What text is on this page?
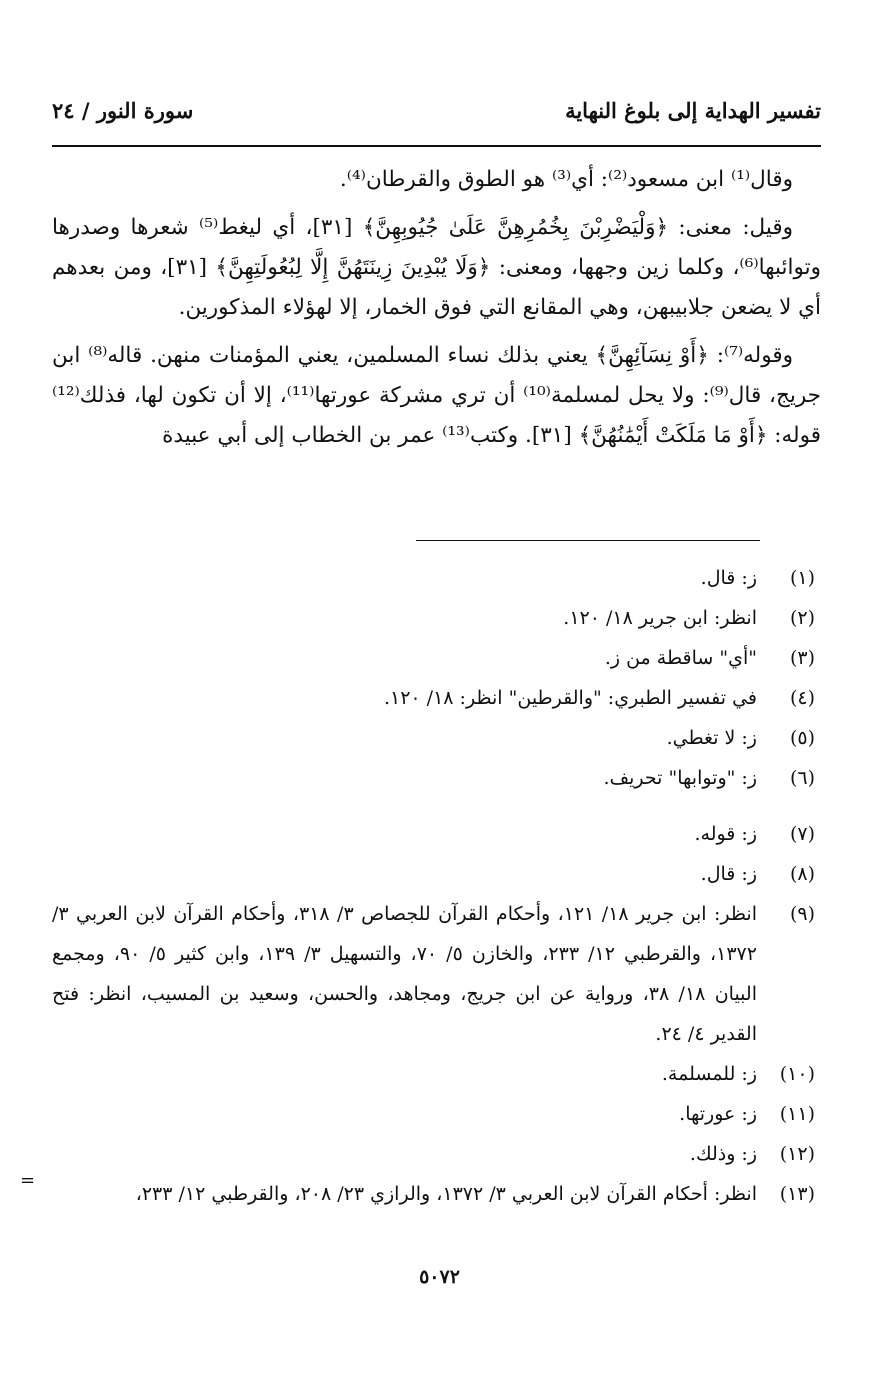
تفسير الهداية إلى بلوغ النهاية
سورة النور / ٢٤

وقال⁽¹⁾ ابن مسعود⁽²⁾: أي⁽³⁾ هو الطوق والقرطان⁽⁴⁾.

وقيل: معنى: ﴿وَلْيَضْرِبْنَ بِخُمُرِهِنَّ عَلَىٰ جُيُوبِهِنَّ﴾ [٣١]، أي ليغط⁽⁵⁾ شعرها وصدرها وتوائبها⁽⁶⁾، وكلما زين وجهها، ومعنى: ﴿وَلَا يُبْدِينَ زِينَتَهُنَّ إِلَّا لِبُعُولَتِهِنَّ﴾ [٣١]، ومن بعدهم أي لا يضعن جلابيبهن، وهي المقانع التي فوق الخمار، إلا لهؤلاء المذكورين.

وقوله⁽⁷⁾: ﴿أَوْ نِسَآئِهِنَّ﴾ يعني بذلك نساء المسلمين، يعني المؤمنات منهن. قاله⁽⁸⁾ ابن جريج، قال⁽⁹⁾: ولا يحل لمسلمة⁽¹⁰⁾ أن تري مشركة عورتها⁽¹¹⁾، إلا أن تكون لها، فذلك⁽¹²⁾ قوله: ﴿أَوْ مَا مَلَكَتْ أَيْمَٰنُهُنَّ﴾ [٣١]. وكتب⁽¹³⁾ عمر بن الخطاب إلى أبي عبيدة

(١)
ز: قال.
(٢)
انظر: ابن جرير ١٨/ ١٢٠.
(٣)
"أي" ساقطة من ز.
(٤)
في تفسير الطبري: "والقرطين" انظر: ١٨/ ١٢٠.
(٥)
ز: لا تغطي.
(٦)
ز: "وتوابها" تحريف.
(٧)
ز: قوله.
(٨)
ز: قال.
(٩)
انظر: ابن جرير ١٨/ ١٢١، وأحكام القرآن للجصاص ٣/ ٣١٨، وأحكام القرآن لابن العربي ٣/ ١٣٧٢، والقرطبي ١٢/ ٢٣٣، والخازن ٥/ ٧٠، والتسهيل ٣/ ١٣٩، وابن كثير ٥/ ٩٠، ومجمع البيان ١٨/ ٣٨، ورواية عن ابن جريج، ومجاهد، والحسن، وسعيد بن المسيب، انظر: فتح القدير ٤/ ٢٤.
(١٠)
ز: للمسلمة.
(١١)
ز: عورتها.
(١٢)
ز: وذلك.
(١٣)
انظر: أحكام القرآن لابن العربي ٣/ ١٣٧٢، والرازي ٢٣/ ٢٠٨، والقرطبي ١٢/ ٢٣٣،
=
٥٠٧٢
